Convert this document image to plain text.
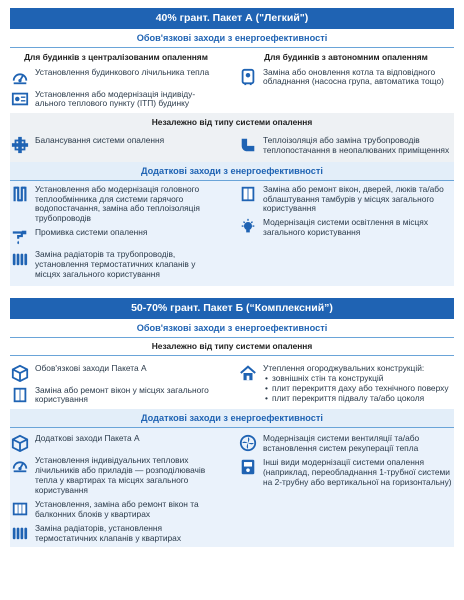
40% грант. Пакет А ("Легкий")
Обов'язкові заходи з енергоефективності
Для будинків з централізованим опаленням
Установлення будинкового лічильника тепла
Установлення або модернізація індивіду-ального теплового пункту (ІТП) будинку
Для будинків з автономним опаленням
Заміна або оновлення котла та відповідного обладнання (насосна група, автоматика тощо)
Незалежно від типу системи опалення
Балансування системи опалення	Теплоізоляція або заміна трубопроводів теплопостачання в неопалюваних приміщеннях
Додаткові заходи з енергоефективності
Установлення або модернізація головного теплообмінника для системи гарячого водопостачання, заміна або теплоізоляція трубопроводів
Промивка системи опалення
Заміна радіаторів та трубопроводів, установлення термостатичних клапанів у місцях загального користування
Заміна або ремонт вікон, дверей, люків та/або облаштування тамбурів у місцях загального користування
Модернізація системи освітлення в місцях загального користування
50-70% грант. Пакет Б (“Комплексний”)
Обов'язкові заходи з енергоефективності
Незалежно від типу системи опалення
Обов'язкові заходи Пакета А
Заміна або ремонт вікон у місцях загального користування
Утеплення огороджувальних конструкцій:
• зовнішніх стін та конструкцій
• плит перекриття даху або технічного поверху
• плит перекриття підвалу та/або цоколя
Додаткові заходи з енергоефективності
Додаткові заходи Пакета А
Установлення індивідуальних теплових лічильників або приладів — розподілювачів тепла у квартирах та місцях загального користування
Установлення, заміна або ремонт вікон та балконних блоків у квартирах
Заміна радіаторів, установлення термостатичних клапанів у квартирах
Модернізація системи вентиляції та/або встановлення систем рекуперації тепла
Інші види модернізації системи опалення (наприклад, переобладнання 1-трубної системи на 2-трубну або вертикальної на горизонтальну)
